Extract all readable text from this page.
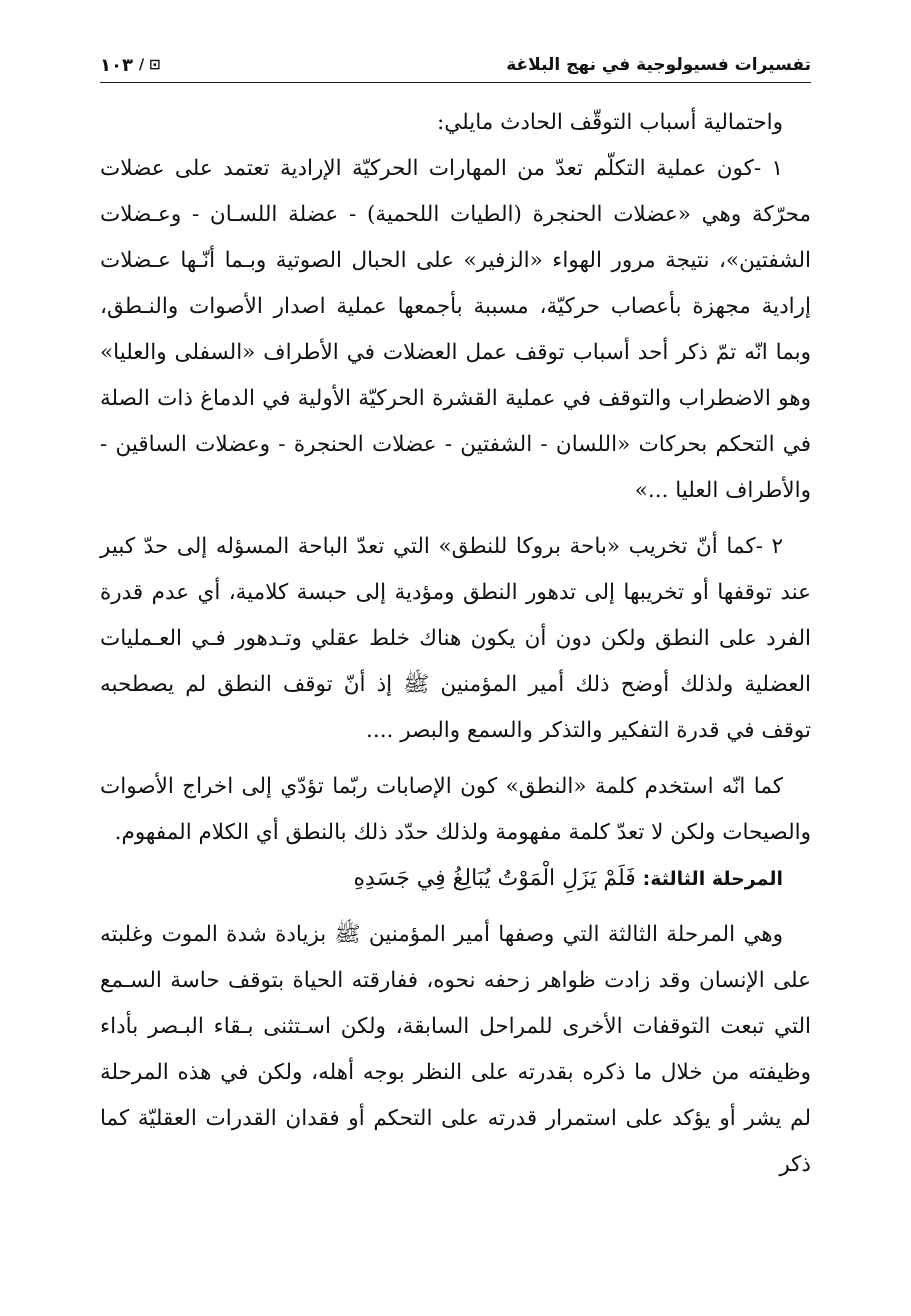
تفسيرات فسيولوجية في نهج البلاغة
⊡ /
١٠٣

واحتمالية أسباب التوقّف الحادث مايلي:

١ -كون عملية التكلّم تعدّ من المهارات الحركيّة الإرادية تعتمد على عضلات محرّكة وهي «عضلات الحنجرة (الطيات اللحمية) - عضلة اللسـان - وعـضلات الشفتين»، نتيجة مرور الهواء «الزفير» على الحبال الصوتية وبـما أنّـها عـضلات إرادية مجهزة بأعصاب حركيّة، مسببة بأجمعها عملية اصدار الأصوات والنـطق، وبما انّه تمّ ذكر أحد أسباب توقف عمل العضلات في الأطراف «السفلى والعليا» وهو الاضطراب والتوقف في عملية القشرة الحركيّة الأولية في الدماغ ذات الصلة في التحكم بحركات «اللسان - الشفتين - عضلات الحنجرة - وعضلات الساقين - والأطراف العليا ...»

٢ -كما أنّ تخريب «باحة بروكا للنطق» التي تعدّ الباحة المسؤله إلى حدّ كبير عند توقفها أو تخريبها إلى تدهور النطق ومؤدية إلى حبسة كلامية، أي عدم قدرة الفرد على النطق ولكن دون أن يكون هناك خلط عقلي وتـدهور فـي العـمليات العضلية ولذلك أوضح ذلك أمير المؤمنين ﷺ إذ أنّ توقف النطق لم يصطحبه توقف في قدرة التفكير والتذكر والسمع والبصر ....

كما انّه استخدم كلمة «النطق» كون الإصابات ربّما تؤدّي إلى اخراج الأصوات والصيحات ولكن لا تعدّ كلمة مفهومة ولذلك حدّد ذلك بالنطق أي الكلام المفهوم.

المرحلة الثالثة: فَلَمْ يَزَلِ الْمَوْتُ يُبَالِغُ فِي جَسَدِهِ

وهي المرحلة الثالثة التي وصفها أمير المؤمنين ﷺ بزيادة شدة الموت وغلبته على الإنسان وقد زادت ظواهر زحفه نحوه، ففارقته الحياة بتوقف حاسة السـمع التي تبعت التوقفات الأخرى للمراحل السابقة، ولكن اسـتثنى بـقاء البـصر بأداء وظيفته من خلال ما ذكره بقدرته على النظر بوجه أهله، ولكن في هذه المرحلة لم يشر أو يؤكد على استمرار قدرته على التحكم أو فقدان القدرات العقليّة كما ذكر
